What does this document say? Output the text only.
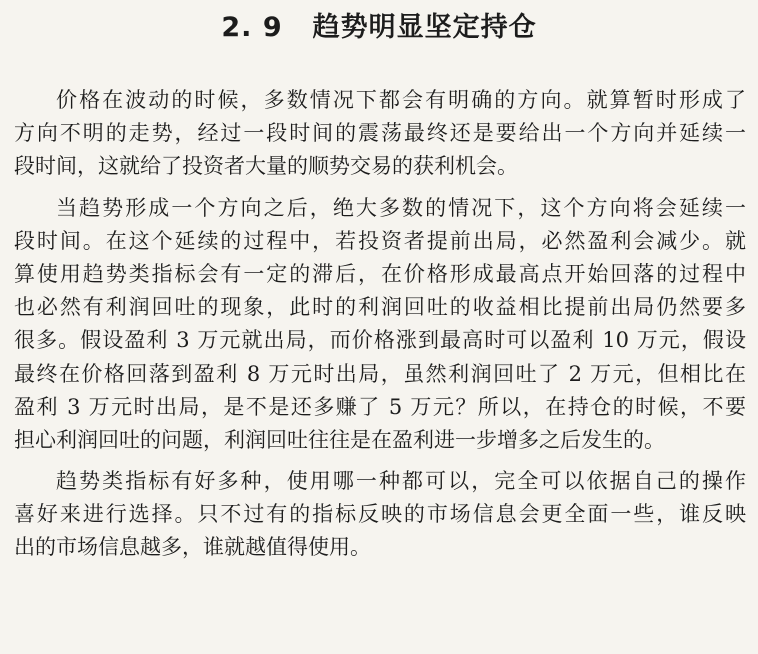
2. 9 趋势明显坚定持仓
价格在波动的时候，多数情况下都会有明确的方向。就算暂时形成了
方向不明的走势，经过一段时间的震荡最终还是要给出一个方向并延续一
段时间，这就给了投资者大量的顺势交易的获利机会。
当趋势形成一个方向之后，绝大多数的情况下，这个方向将会延续一
段时间。在这个延续的过程中，若投资者提前出局，必然盈利会减少。就
算使用趋势类指标会有一定的滞后，在价格形成最高点开始回落的过程中
也必然有利润回吐的现象，此时的利润回吐的收益相比提前出局仍然要多
很多。假设盈利 3 万元就出局，而价格涨到最高时可以盈利 10 万元，假设
最终在价格回落到盈利 8 万元时出局，虽然利润回吐了 2 万元，但相比在
盈利 3 万元时出局，是不是还多赚了 5 万元？所以，在持仓的时候，不要
担心利润回吐的问题，利润回吐往往是在盈利进一步增多之后发生的。
趋势类指标有好多种，使用哪一种都可以，完全可以依据自己的操作
喜好来进行选择。只不过有的指标反映的市场信息会更全面一些，谁反映
出的市场信息越多，谁就越值得使用。
